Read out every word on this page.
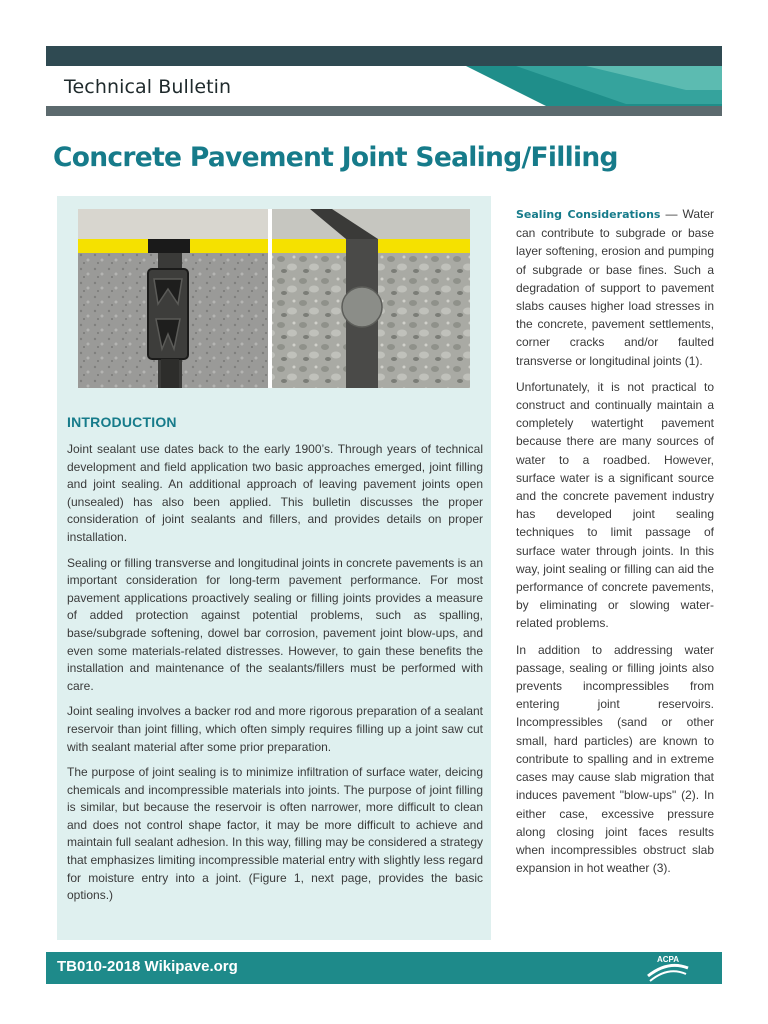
Technical Bulletin
Concrete Pavement Joint Sealing/Filling
INTRODUCTION

Joint sealant use dates back to the early 1900’s. Through years of technical development and field application two basic approaches emerged, joint filling and joint sealing. An additional approach of leaving pavement joints open (unsealed) has also been applied. This bulletin discusses the proper consideration of joint sealants and fillers, and provides details on proper installation.

Sealing or filling transverse and longitudinal joints in concrete pavements is an important consideration for long-term pavement performance. For most pavement applications proactively sealing or filling joints provides a measure of added protection against potential problems, such as spalling, base/subgrade softening, dowel bar corrosion, pavement joint blow-ups, and even some materials-related distresses. However, to gain these benefits the installation and maintenance of the sealants/fillers must be performed with care.

Joint sealing involves a backer rod and more rigorous preparation of a sealant reservoir than joint filling, which often simply requires filling up a joint saw cut with sealant material after some prior preparation.

The purpose of joint sealing is to minimize infiltration of surface water, deicing chemicals and incompressible materials into joints. The purpose of joint filling is similar, but because the reservoir is often narrower, more difficult to clean and does not control shape factor, it may be more difficult to achieve and maintain full sealant adhesion. In this way, filling may be considered a strategy that emphasizes limiting incompressible material entry with slightly less regard for moisture entry into a joint. (Figure 1, next page, provides the basic options.)

Sealing Considerations — Water can contribute to subgrade or base layer softening, erosion and pumping of subgrade or base fines. Such a degradation of support to pavement slabs causes higher load stresses in the concrete, pavement settlements, corner cracks and/or faulted transverse or longitudinal joints (1).

Unfortunately, it is not practical to construct and continually maintain a completely watertight pavement because there are many sources of water to a roadbed. However, surface water is a significant source and the concrete pavement industry has developed joint sealing techniques to limit passage of surface water through joints. In this way, joint sealing or filling can aid the performance of concrete pavements, by eliminating or slowing water-related problems.

In addition to addressing water passage, sealing or filling joints also prevents incompressibles from entering joint reservoirs. Incompressibles (sand or other small, hard particles) are known to contribute to spalling and in extreme cases may cause slab migration that induces pavement "blow-ups" (2). In either case, excessive pressure along closing joint faces results when incompressibles obstruct slab expansion in hot weather (3).

TB010-2018 Wikipave.org	ACPA
